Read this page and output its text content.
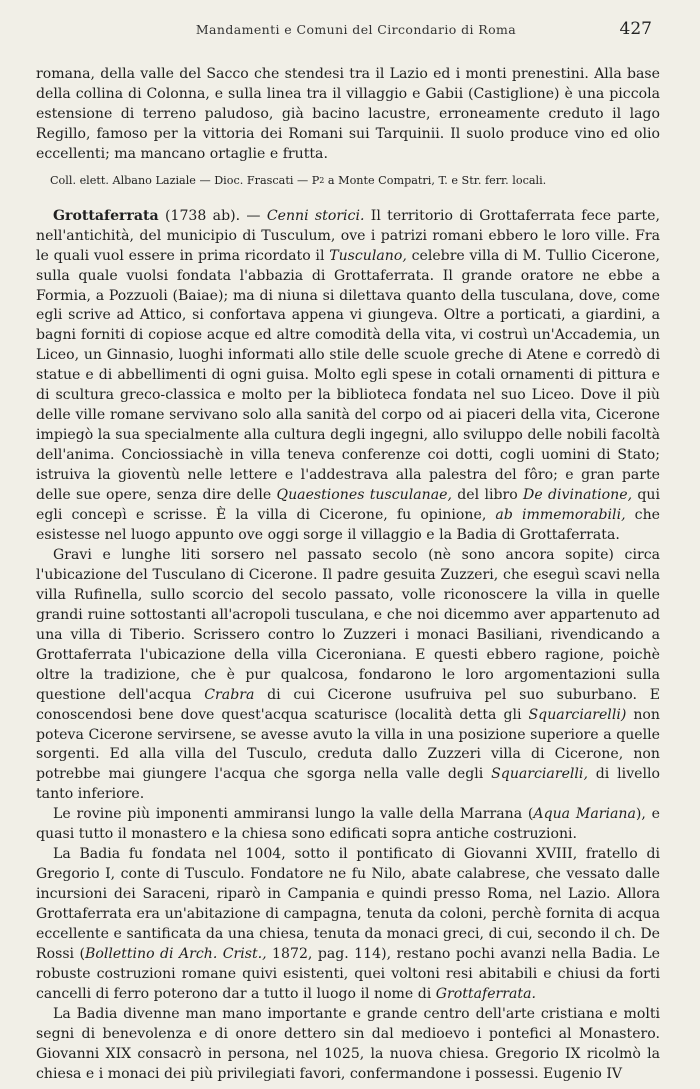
Mandamenti e Comuni del Circondario di Roma	427

romana, della valle del Sacco che stendesi tra il Lazio ed i monti prenestini. Alla base della collina di Colonna, e sulla linea tra il villaggio e Gabii (Castiglione) è una piccola estensione di terreno paludoso, già bacino lacustre, erroneamente creduto il lago Regillo, famoso per la vittoria dei Romani sui Tarquinii. Il suolo produce vino ed olio eccellenti; ma mancano ortaglie e frutta.

Coll. elett. Albano Laziale — Dioc. Frascati — $P^2$ a Monte Compatri, T. e Str. ferr. locali.

Grottaferrata (1738 ab). — Cenni storici. Il territorio di Grottaferrata fece parte, nell'antichità, del municipio di Tusculum, ove i patrizi romani ebbero le loro ville. Fra le quali vuol essere in prima ricordato il Tusculano, celebre villa di M. Tullio Cicerone, sulla quale vuolsi fondata l'abbazia di Grottaferrata. Il grande oratore ne ebbe a Formia, a Pozzuoli (Baiae); ma di niuna si dilettava quanto della tusculana, dove, come egli scrive ad Attico, si confortava appena vi giungeva. Oltre a porticati, a giardini, a bagni forniti di copiose acque ed altre comodità della vita, vi costruì un'Accademia, un Liceo, un Ginnasio, luoghi informati allo stile delle scuole greche di Atene e corredò di statue e di abbellimenti di ogni guisa. Molto egli spese in cotali ornamenti di pittura e di scultura greco-classica e molto per la biblioteca fondata nel suo Liceo. Dove il più delle ville romane servivano solo alla sanità del corpo od ai piaceri della vita, Cicerone impiegò la sua specialmente alla cultura degli ingegni, allo sviluppo delle nobili facoltà dell'anima. Conciossiachè in villa teneva conferenze coi dotti, cogli uomini di Stato; istruiva la gioventù nelle lettere e l'addestrava alla palestra del fôro; e gran parte delle sue opere, senza dire delle Quaestiones tusculanae, del libro De divinatione, qui egli concepì e scrisse. È la villa di Cicerone, fu opinione, ab immemorabili, che esistesse nel luogo appunto ove oggi sorge il villaggio e la Badia di Grottaferrata.

Gravi e lunghe liti sorsero nel passato secolo (nè sono ancora sopite) circa l'ubicazione del Tusculano di Cicerone. Il padre gesuita Zuzzeri, che eseguì scavi nella villa Rufinella, sullo scorcio del secolo passato, volle riconoscere la villa in quelle grandi ruine sottostanti all'acropoli tusculana, e che noi dicemmo aver appartenuto ad una villa di Tiberio. Scrissero contro lo Zuzzeri i monaci Basiliani, rivendicando a Grottaferrata l'ubicazione della villa Ciceroniana. E questi ebbero ragione, poichè oltre la tradizione, che è pur qualcosa, fondarono le loro argomentazioni sulla questione dell'acqua Crabra di cui Cicerone usufruiva pel suo suburbano. E conoscendosi bene dove quest'acqua scaturisce (località detta gli Squarciarelli) non poteva Cicerone servirsene, se avesse avuto la villa in una posizione superiore a quelle sorgenti. Ed alla villa del Tusculo, creduta dallo Zuzzeri villa di Cicerone, non potrebbe mai giungere l'acqua che sgorga nella valle degli Squarciarelli, di livello tanto inferiore.

Le rovine più imponenti ammiransi lungo la valle della Marrana (Aqua Mariana), e quasi tutto il monastero e la chiesa sono edificati sopra antiche costruzioni.

La Badia fu fondata nel 1004, sotto il pontificato di Giovanni XVIII, fratello di Gregorio I, conte di Tusculo. Fondatore ne fu Nilo, abate calabrese, che vessato dalle incursioni dei Saraceni, riparò in Campania e quindi presso Roma, nel Lazio. Allora Grottaferrata era un'abitazione di campagna, tenuta da coloni, perchè fornita di acqua eccellente e santificata da una chiesa, tenuta da monaci greci, di cui, secondo il ch. De Rossi (Bollettino di Arch. Crist., 1872, pag. 114), restano pochi avanzi nella Badia. Le robuste costruzioni romane quivi esistenti, quei voltoni resi abitabili e chiusi da forti cancelli di ferro poterono dar a tutto il luogo il nome di Grottaferrata.

La Badia divenne man mano importante e grande centro dell'arte cristiana e molti segni di benevolenza e di onore dettero sin dal medioevo i pontefici al Monastero. Giovanni XIX consacrò in persona, nel 1025, la nuova chiesa. Gregorio IX ricolmò la chiesa e i monaci dei più privilegiati favori, confermandone i possessi. Eugenio IV
